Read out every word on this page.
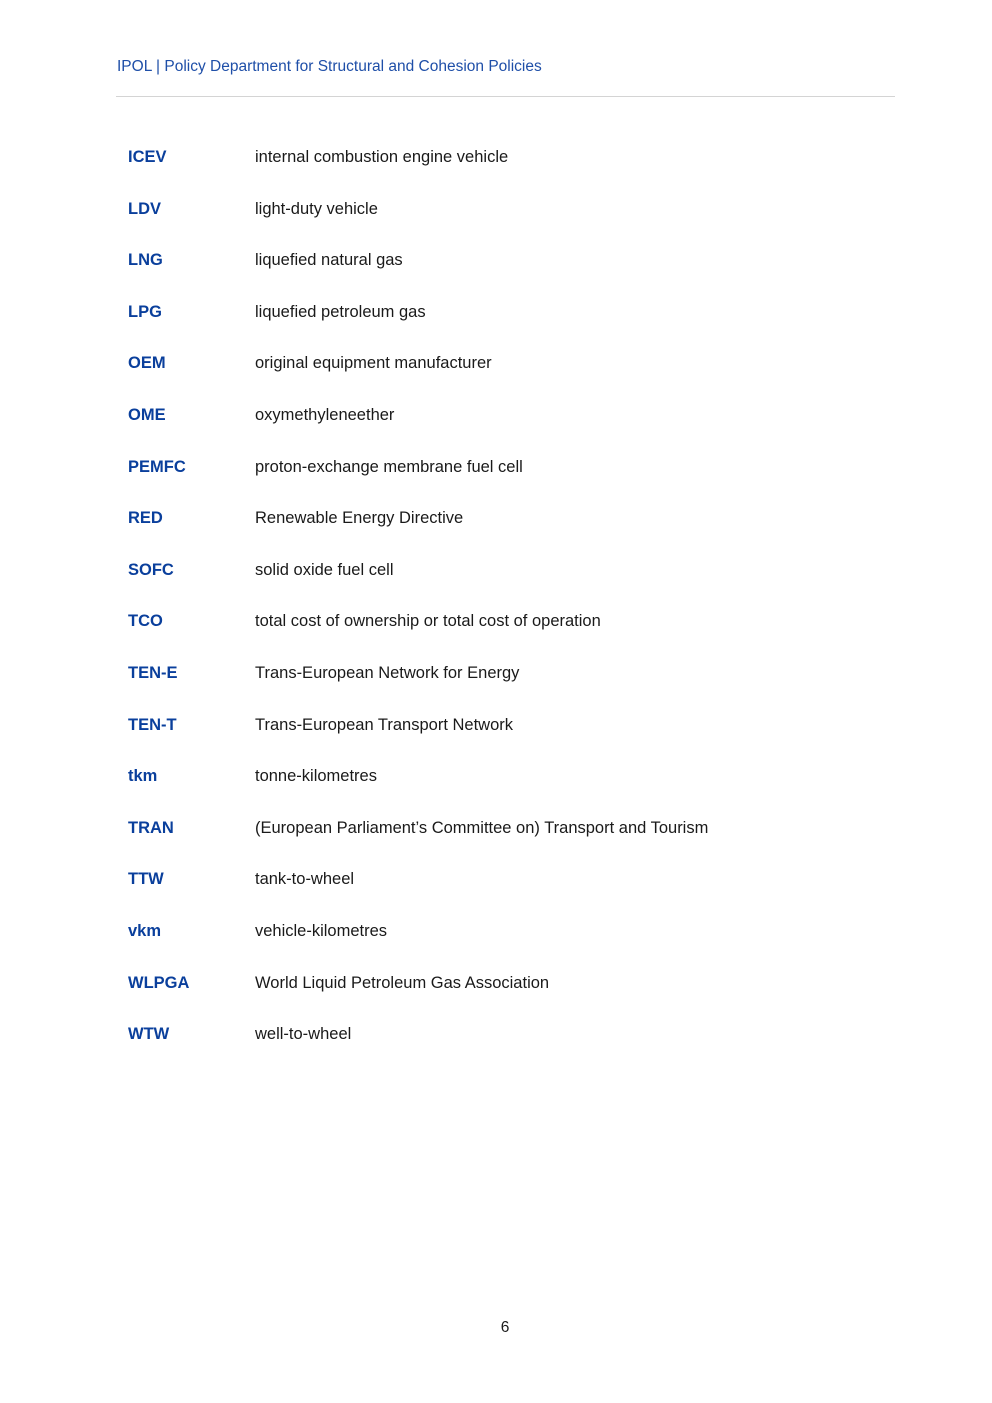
IPOL | Policy Department for Structural and Cohesion Policies
ICEV	internal combustion engine vehicle
LDV	light-duty vehicle
LNG	liquefied natural gas
LPG	liquefied petroleum gas
OEM	original equipment manufacturer
OME	oxymethyleneether
PEMFC	proton-exchange membrane fuel cell
RED	Renewable Energy Directive
SOFC	solid oxide fuel cell
TCO	total cost of ownership or total cost of operation
TEN-E	Trans-European Network for Energy
TEN-T	Trans-European Transport Network
tkm	tonne-kilometres
TRAN	(European Parliament’s Committee on) Transport and Tourism
TTW	tank-to-wheel
vkm	vehicle-kilometres
WLPGA	World Liquid Petroleum Gas Association
WTW	well-to-wheel
6
